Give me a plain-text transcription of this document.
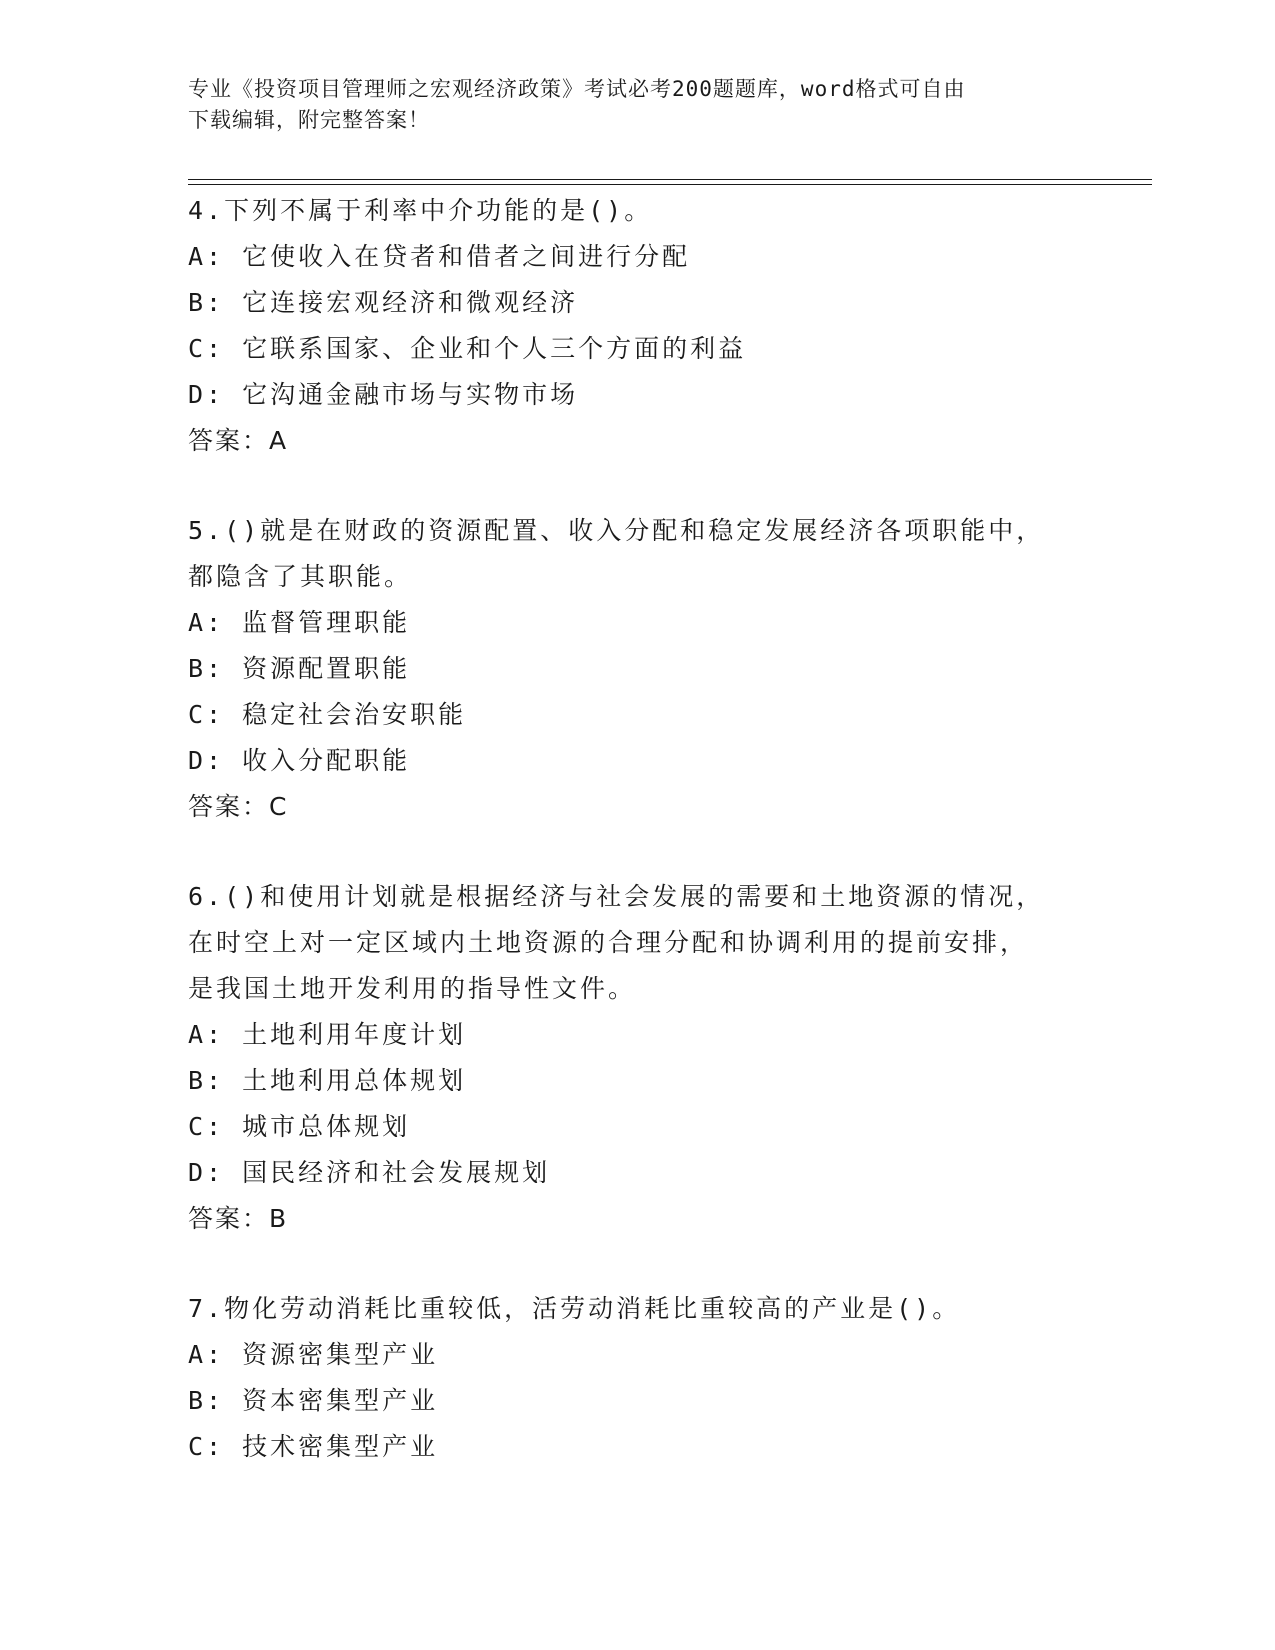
专业《投资项目管理师之宏观经济政策》考试必考200题题库，word格式可自由
下载编辑，附完整答案！

4.下列不属于利率中介功能的是()。

A: 它使收入在贷者和借者之间进行分配

B: 它连接宏观经济和微观经济

C: 它联系国家、企业和个人三个方面的利益

D: 它沟通金融市场与实物市场

答案：A

5.()就是在财政的资源配置、收入分配和稳定发展经济各项职能中，

都隐含了其职能。

A: 监督管理职能

B: 资源配置职能

C: 稳定社会治安职能

D: 收入分配职能

答案：C

6.()和使用计划就是根据经济与社会发展的需要和土地资源的情况，

在时空上对一定区域内土地资源的合理分配和协调利用的提前安排，

是我国土地开发利用的指导性文件。

A: 土地利用年度计划

B: 土地利用总体规划

C: 城市总体规划

D: 国民经济和社会发展规划

答案：B

7.物化劳动消耗比重较低，活劳动消耗比重较高的产业是()。

A: 资源密集型产业

B: 资本密集型产业

C: 技术密集型产业
